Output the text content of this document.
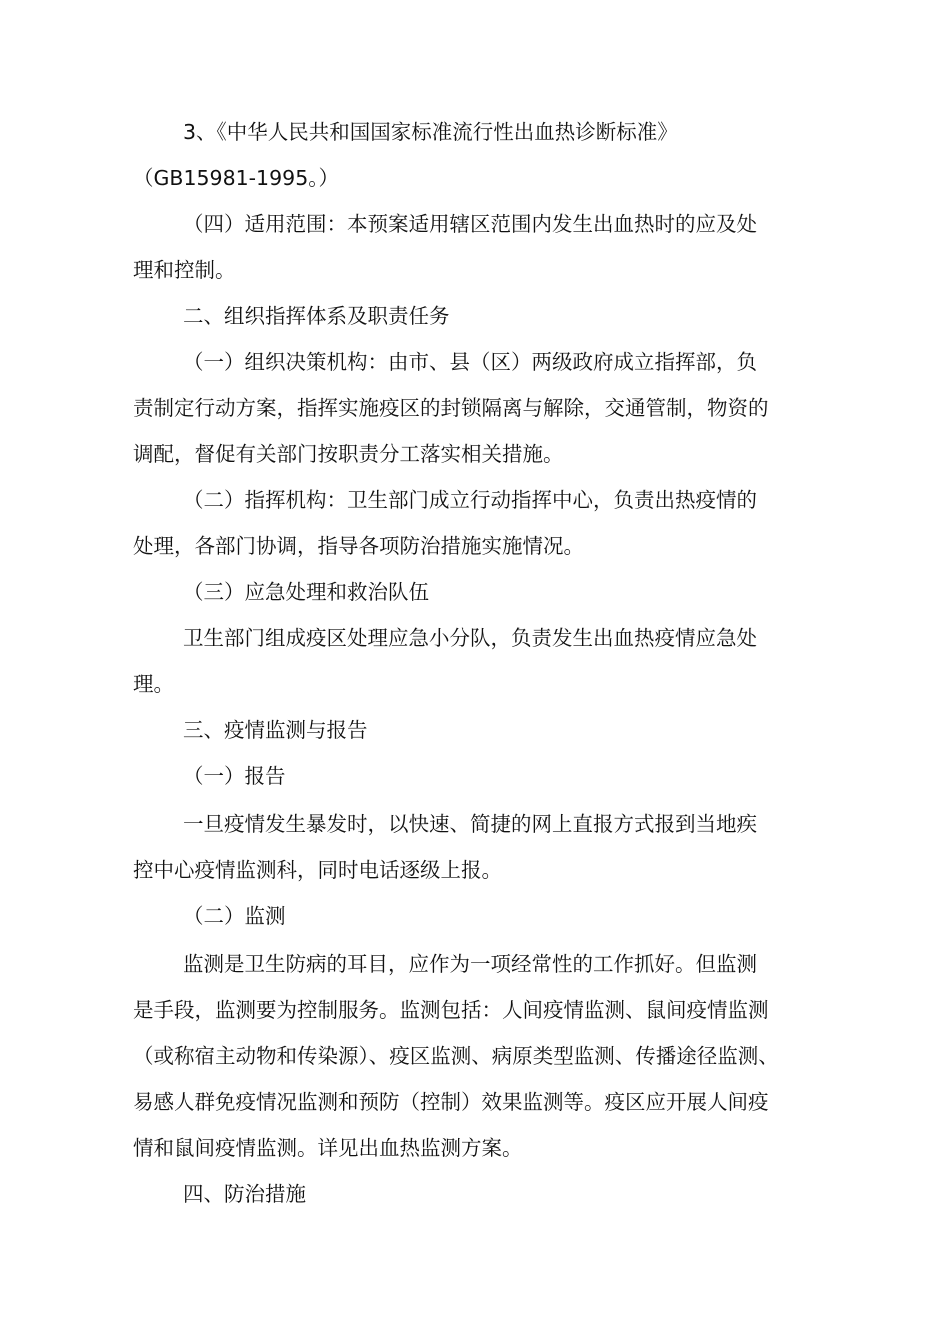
3、《中华人民共和国国家标准流行性出血热诊断标准》
（GB15981-1995。）
（四）适用范围：本预案适用辖区范围内发生出血热时的应及处
理和控制。
二、组织指挥体系及职责任务
（一）组织决策机构：由市、县（区）两级政府成立指挥部，负
责制定行动方案，指挥实施疫区的封锁隔离与解除，交通管制，物资的
调配，督促有关部门按职责分工落实相关措施。
（二）指挥机构：卫生部门成立行动指挥中心，负责出热疫情的
处理，各部门协调，指导各项防治措施实施情况。
（三）应急处理和救治队伍
卫生部门组成疫区处理应急小分队，负责发生出血热疫情应急处
理。
三、疫情监测与报告
（一）报告
一旦疫情发生暴发时，以快速、简捷的网上直报方式报到当地疾
控中心疫情监测科，同时电话逐级上报。
（二）监测
监测是卫生防病的耳目，应作为一项经常性的工作抓好。但监测
是手段，监测要为控制服务。监测包括：人间疫情监测、鼠间疫情监测
（或称宿主动物和传染源）、疫区监测、病原类型监测、传播途径监测、
易感人群免疫情况监测和预防（控制）效果监测等。疫区应开展人间疫
情和鼠间疫情监测。详见出血热监测方案。
四、防治措施
